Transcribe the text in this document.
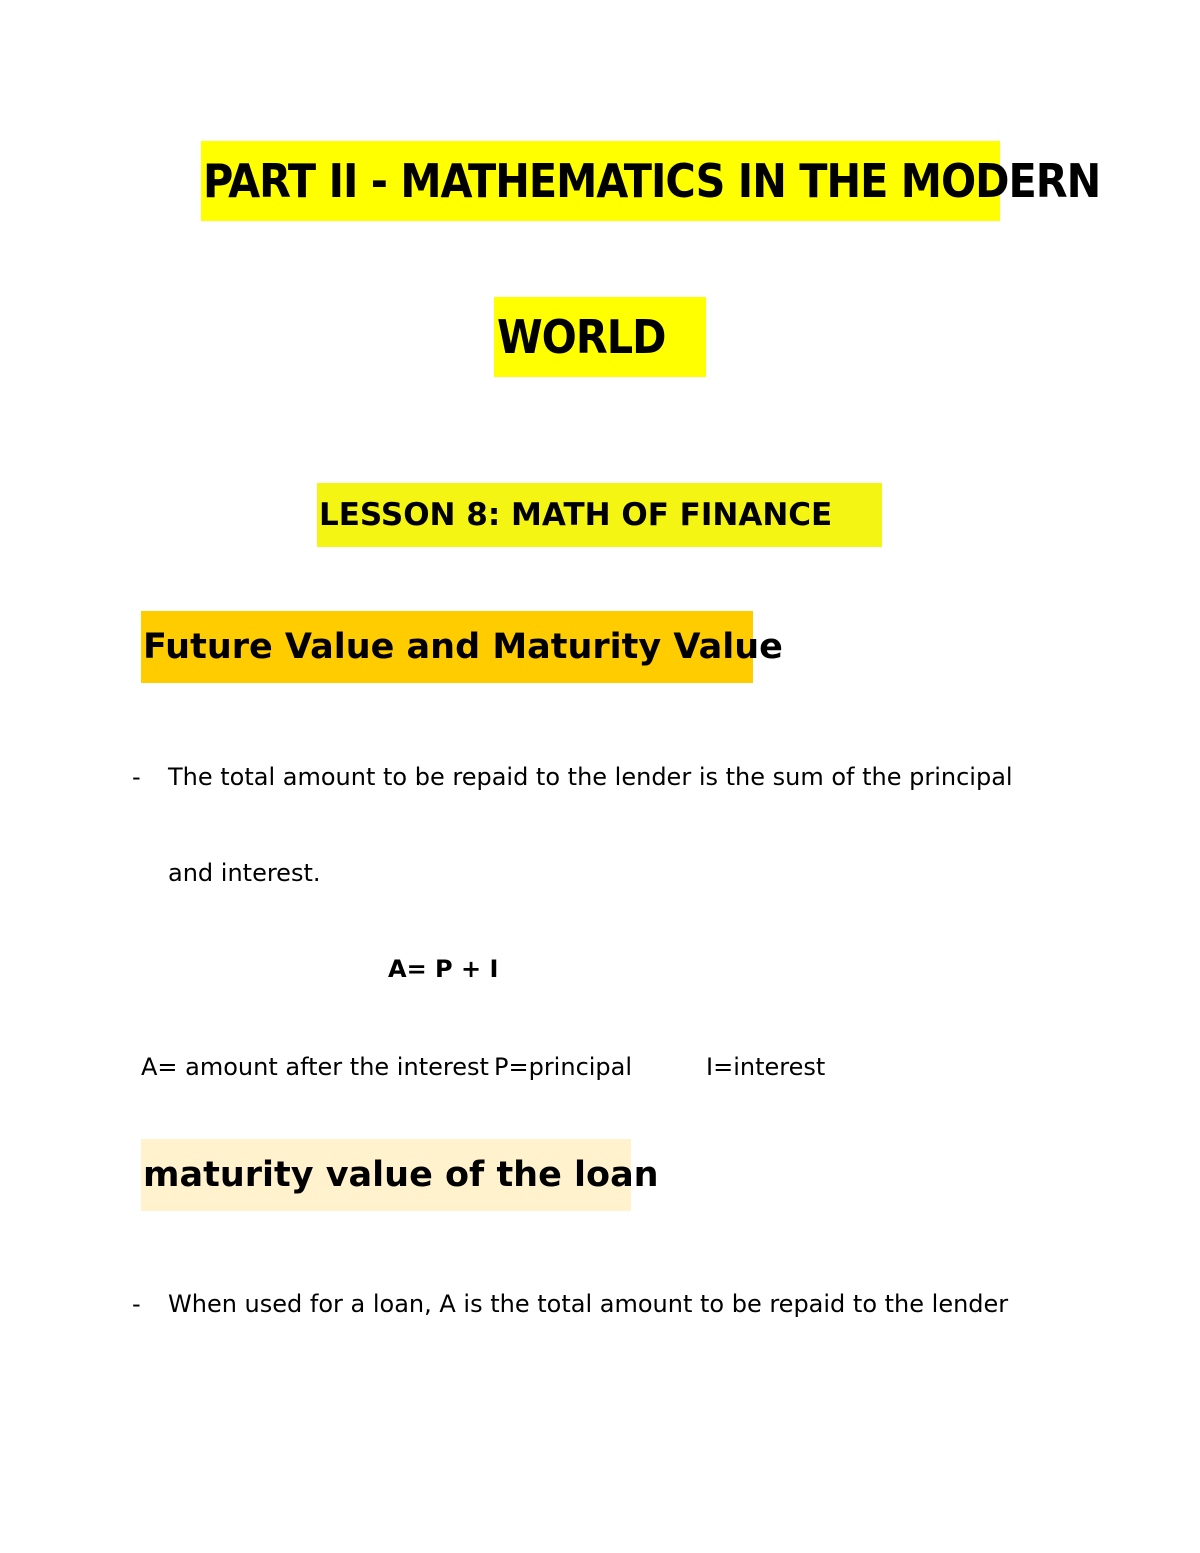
PART II - MATHEMATICS IN THE MODERN
WORLD
LESSON 8: MATH OF FINANCE
Future Value and Maturity Value
- The total amount to be repaid to the lender is the sum of the principal
and interest.
A= P + I
A= amount after the interest P=principal	I=interest
maturity value of the loan
- When used for a loan, A is the total amount to be repaid to the lender
